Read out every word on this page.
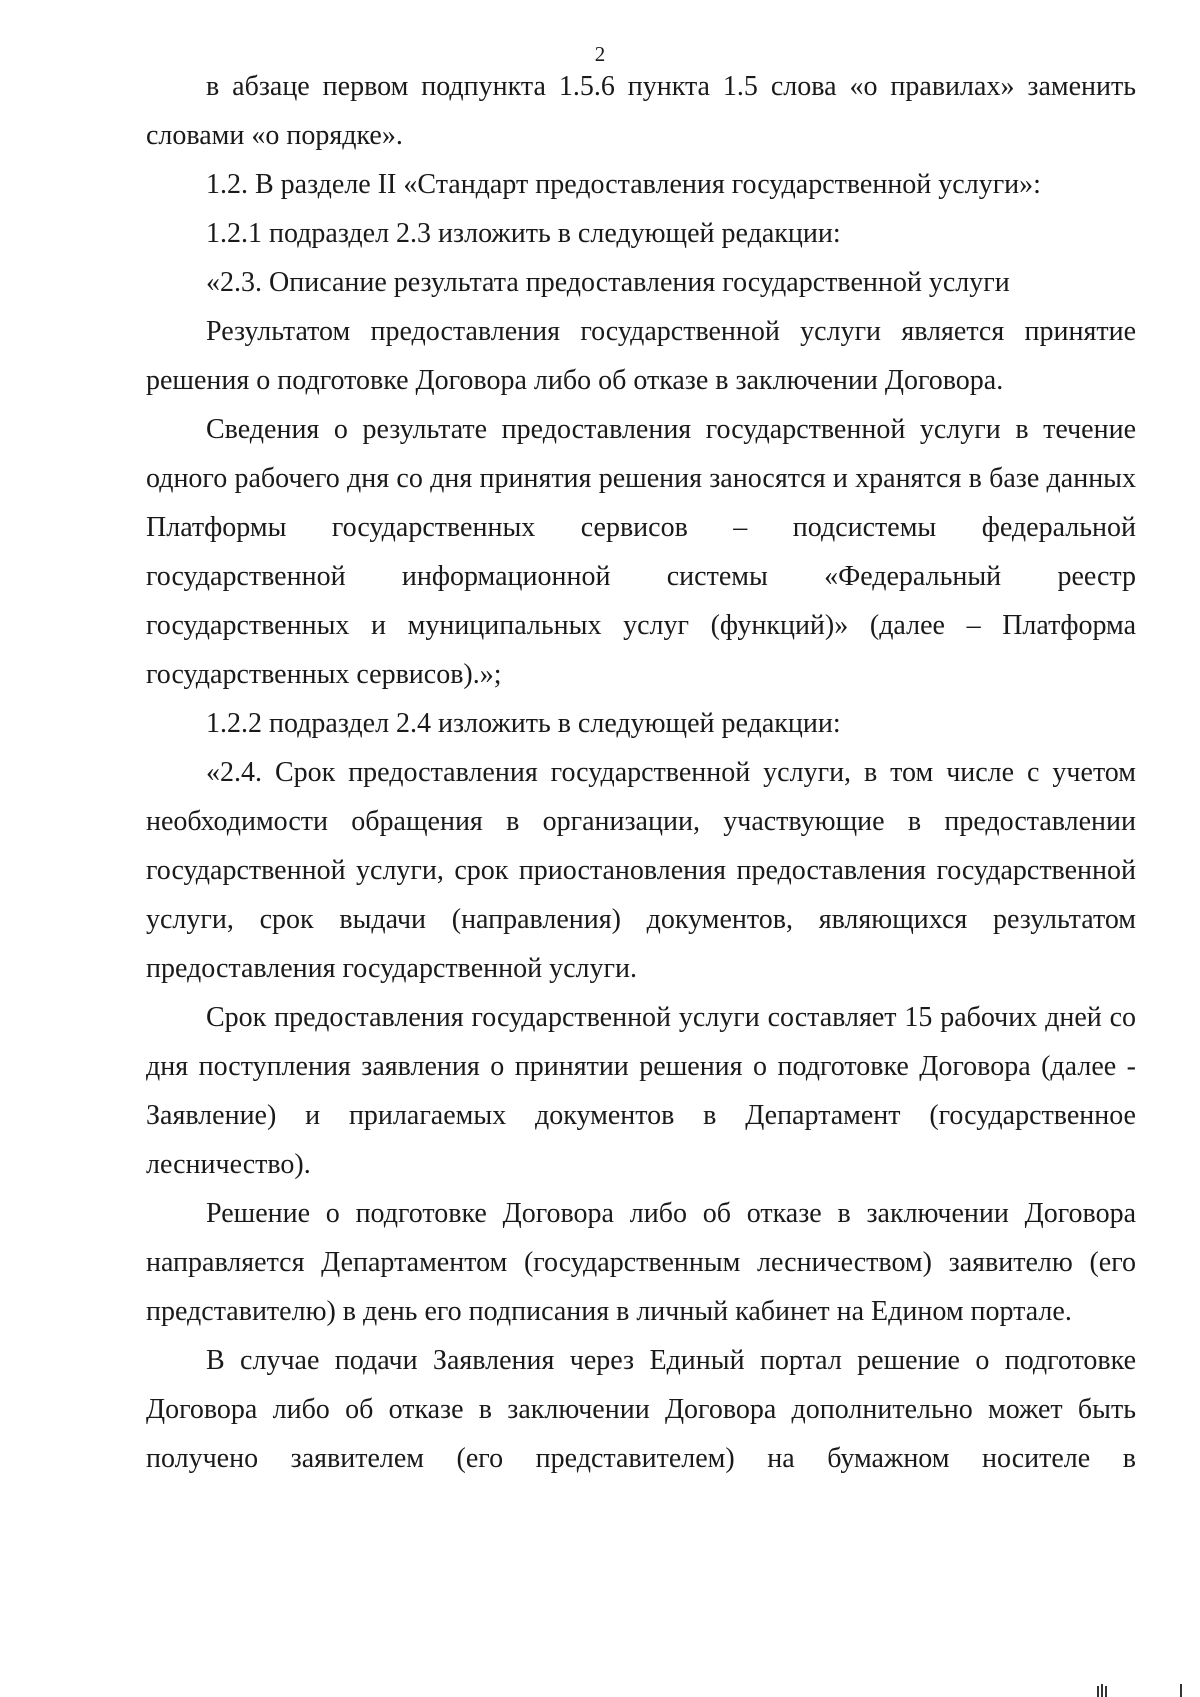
2

в абзаце первом подпункта 1.5.6 пункта 1.5 слова «о правилах» заменить словами «о порядке».

1.2. В разделе II «Стандарт предоставления государственной услуги»:

1.2.1 подраздел 2.3 изложить в следующей редакции:

«2.3. Описание результата предоставления государственной услуги

Результатом предоставления государственной услуги является принятие решения о подготовке Договора либо об отказе в заключении Договора.

Сведения о результате предоставления государственной услуги в течение одного рабочего дня со дня принятия решения заносятся и хранятся в базе данных Платформы государственных сервисов – подсистемы федеральной государственной информационной системы «Федеральный реестр государственных и муниципальных услуг (функций)» (далее – Платформа государственных сервисов).»;

1.2.2 подраздел 2.4 изложить в следующей редакции:

«2.4. Срок предоставления государственной услуги, в том числе с учетом необходимости обращения в организации, участвующие в предоставлении государственной услуги, срок приостановления предоставления государственной услуги, срок выдачи (направления) документов, являющихся результатом предоставления государственной услуги.

Срок предоставления государственной услуги составляет 15 рабочих дней со дня поступления заявления о принятии решения о подготовке Договора (далее - Заявление) и прилагаемых документов в Департамент (государственное лесничество).

Решение о подготовке Договора либо об отказе в заключении Договора направляется Департаментом (государственным лесничеством) заявителю (его представителю) в день его подписания в личный кабинет на Едином портале.

В случае подачи Заявления через Единый портал решение о подготовке Договора либо об отказе в заключении Договора дополнительно может быть получено заявителем (его представителем) на бумажном носителе в
